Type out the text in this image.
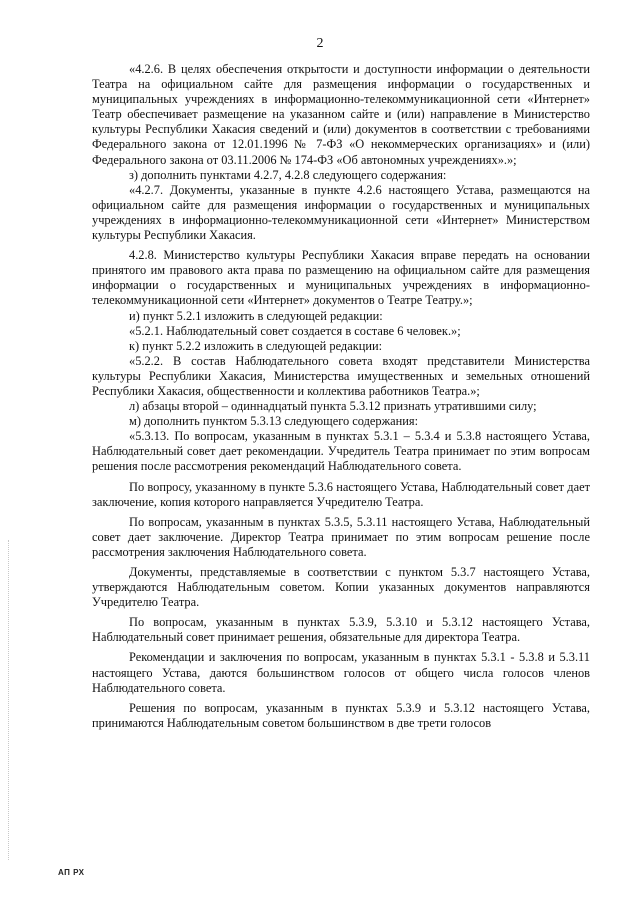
2

«4.2.6. В целях обеспечения открытости и доступности информации о деятельности Театра на официальном сайте для размещения информации о государственных и муниципальных учреждениях в информационно-телекоммуникационной сети «Интернет» Театр обеспечивает размещение на указанном сайте и (или) направление в Министерство культуры Республики Хакасия сведений и (или) документов в соответствии с требованиями Федерального закона от 12.01.1996 № 7-ФЗ «О некоммерческих организациях» и (или) Федерального закона от 03.11.2006 № 174-ФЗ «Об автономных учреждениях».»;

з) дополнить пунктами 4.2.7, 4.2.8 следующего содержания:

«4.2.7. Документы, указанные в пункте 4.2.6 настоящего Устава, размещаются на официальном сайте для размещения информации о государственных и муниципальных учреждениях в информационно-телекоммуникационной сети «Интернет» Министерством культуры Республики Хакасия.

4.2.8. Министерство культуры Республики Хакасия вправе передать на основании принятого им правового акта права по размещению на официальном сайте для размещения информации о государственных и муниципальных учреждениях в информационно-телекоммуникационной сети «Интернет» документов о Театре Театру.»;

и) пункт 5.2.1 изложить в следующей редакции:

«5.2.1. Наблюдательный совет создается в составе 6 человек.»;

к) пункт 5.2.2 изложить в следующей редакции:

«5.2.2. В состав Наблюдательного совета входят представители Министерства культуры Республики Хакасия, Министерства имущественных и земельных отношений Республики Хакасия, общественности и коллектива работников Театра.»;

л) абзацы второй – одиннадцатый пункта 5.3.12 признать утратившими силу;

м) дополнить пунктом 5.3.13 следующего содержания:

«5.3.13. По вопросам, указанным в пунктах 5.3.1 – 5.3.4 и 5.3.8 настоящего Устава, Наблюдательный совет дает рекомендации. Учредитель Театра принимает по этим вопросам решения после рассмотрения рекомендаций Наблюдательного совета.

По вопросу, указанному в пункте 5.3.6 настоящего Устава, Наблюдательный совет дает заключение, копия которого направляется Учредителю Театра.

По вопросам, указанным в пунктах 5.3.5, 5.3.11 настоящего Устава, Наблюдательный совет дает заключение. Директор Театра принимает по этим вопросам решение после рассмотрения заключения Наблюдательного совета.

Документы, представляемые в соответствии с пунктом 5.3.7 настоящего Устава, утверждаются Наблюдательным советом. Копии указанных документов направляются Учредителю Театра.

По вопросам, указанным в пунктах 5.3.9, 5.3.10 и 5.3.12 настоящего Устава, Наблюдательный совет принимает решения, обязательные для директора Театра.

Рекомендации и заключения по вопросам, указанным в пунктах 5.3.1 - 5.3.8 и 5.3.11 настоящего Устава, даются большинством голосов от общего числа голосов членов Наблюдательного совета.

Решения по вопросам, указанным в пунктах 5.3.9 и 5.3.12 настоящего Устава, принимаются Наблюдательным советом большинством в две трети голосов

АП РХ
